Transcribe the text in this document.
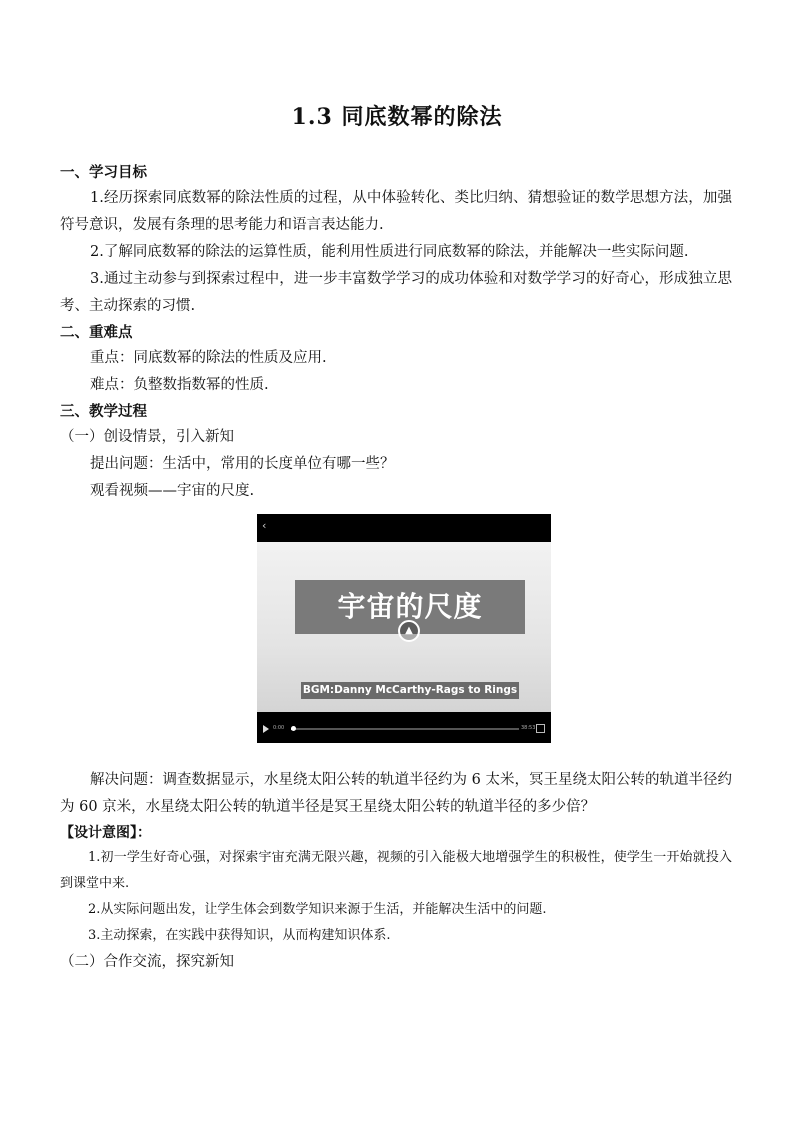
1.3 同底数幂的除法
一、学习目标
1.经历探索同底数幂的除法性质的过程，从中体验转化、类比归纳、猜想验证的数学思想方法，加强符号意识，发展有条理的思考能力和语言表达能力.
2.了解同底数幂的除法的运算性质，能利用性质进行同底数幂的除法，并能解决一些实际问题.
3.通过主动参与到探索过程中，进一步丰富数学学习的成功体验和对数学学习的好奇心，形成独立思考、主动探索的习惯.
二、重难点
重点：同底数幂的除法的性质及应用.
难点：负整数指数幂的性质.
三、教学过程
（一）创设情景，引入新知
提出问题：生活中，常用的长度单位有哪一些？
观看视频——宇宙的尺度.
‹
宇宙的尺度
▲
BGM:Danny McCarthy-Rags to Rings
0:00	38:53
解决问题：调查数据显示，水星绕太阳公转的轨道半径约为 6 太米，冥王星绕太阳公转的轨道半径约为 60 京米，水星绕太阳公转的轨道半径是冥王星绕太阳公转的轨道半径的多少倍？
【设计意图】：
1.初一学生好奇心强，对探索宇宙充满无限兴趣，视频的引入能极大地增强学生的积极性，使学生一开始就投入到课堂中来.
2.从实际问题出发，让学生体会到数学知识来源于生活，并能解决生活中的问题.
3.主动探索，在实践中获得知识，从而构建知识体系.
（二）合作交流，探究新知
